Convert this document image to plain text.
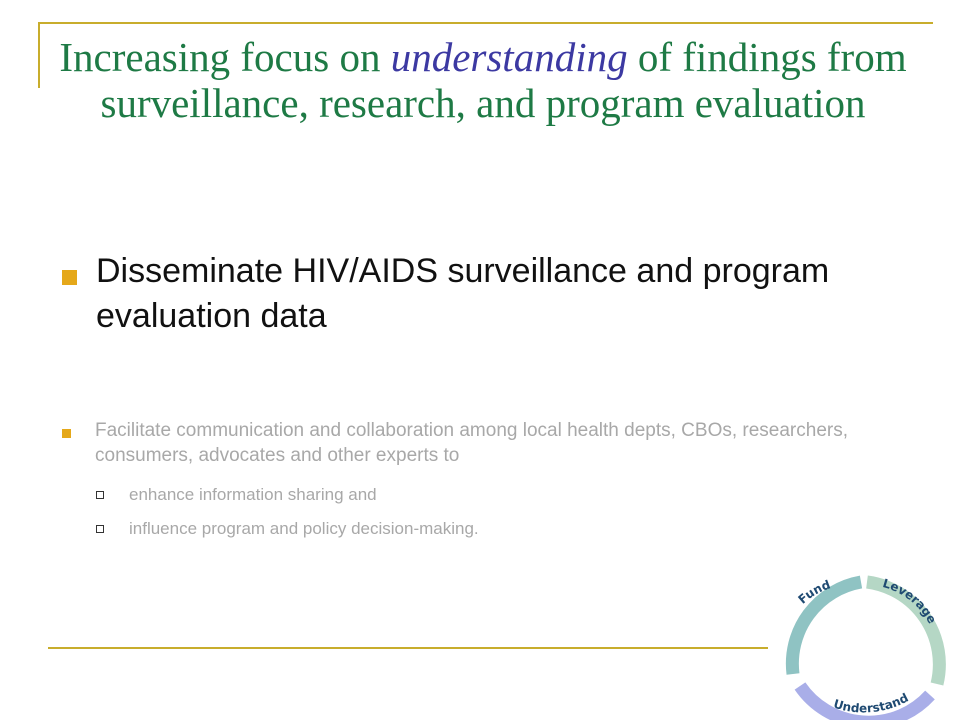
Increasing focus on understanding of findings from surveillance, research, and program evaluation
Disseminate HIV/AIDS surveillance and program evaluation data
Facilitate communication and collaboration among local health depts, CBOs, researchers, consumers, advocates and other experts to
enhance information sharing and
influence program and policy decision-making.
Fund	Leverage
Understand
